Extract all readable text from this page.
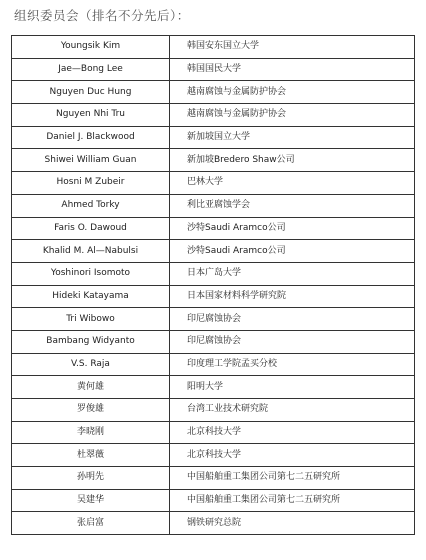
组织委员会（排名不分先后）：
Youngsik Kim	韩国安东国立大学
Jae—Bong Lee	韩国国民大学
Nguyen Duc Hung	越南腐蚀与金属防护协会
Nguyen Nhi Tru	越南腐蚀与金属防护协会
Daniel J. Blackwood	新加坡国立大学
Shiwei William Guan	新加坡Bredero Shaw公司
Hosni M Zubeir	巴林大学
Ahmed Torky	利比亚腐蚀学会
Faris O. Dawoud	沙特Saudi Aramco公司
Khalid M. Al—Nabulsi	沙特Saudi Aramco公司
Yoshinori Isomoto	日本广岛大学
Hideki Katayama	日本国家材料科学研究院
Tri Wibowo	印尼腐蚀协会
Bambang Widyanto	印尼腐蚀协会
V.S. Raja	印度理工学院孟买分校
黄何雄	阳明大学
罗俊雄	台湾工业技术研究院
李晓刚	北京科技大学
杜翠薇	北京科技大学
孙明先	中国船舶重工集团公司第七二五研究所
吴建华	中国船舶重工集团公司第七二五研究所
张启富	钢铁研究总院
